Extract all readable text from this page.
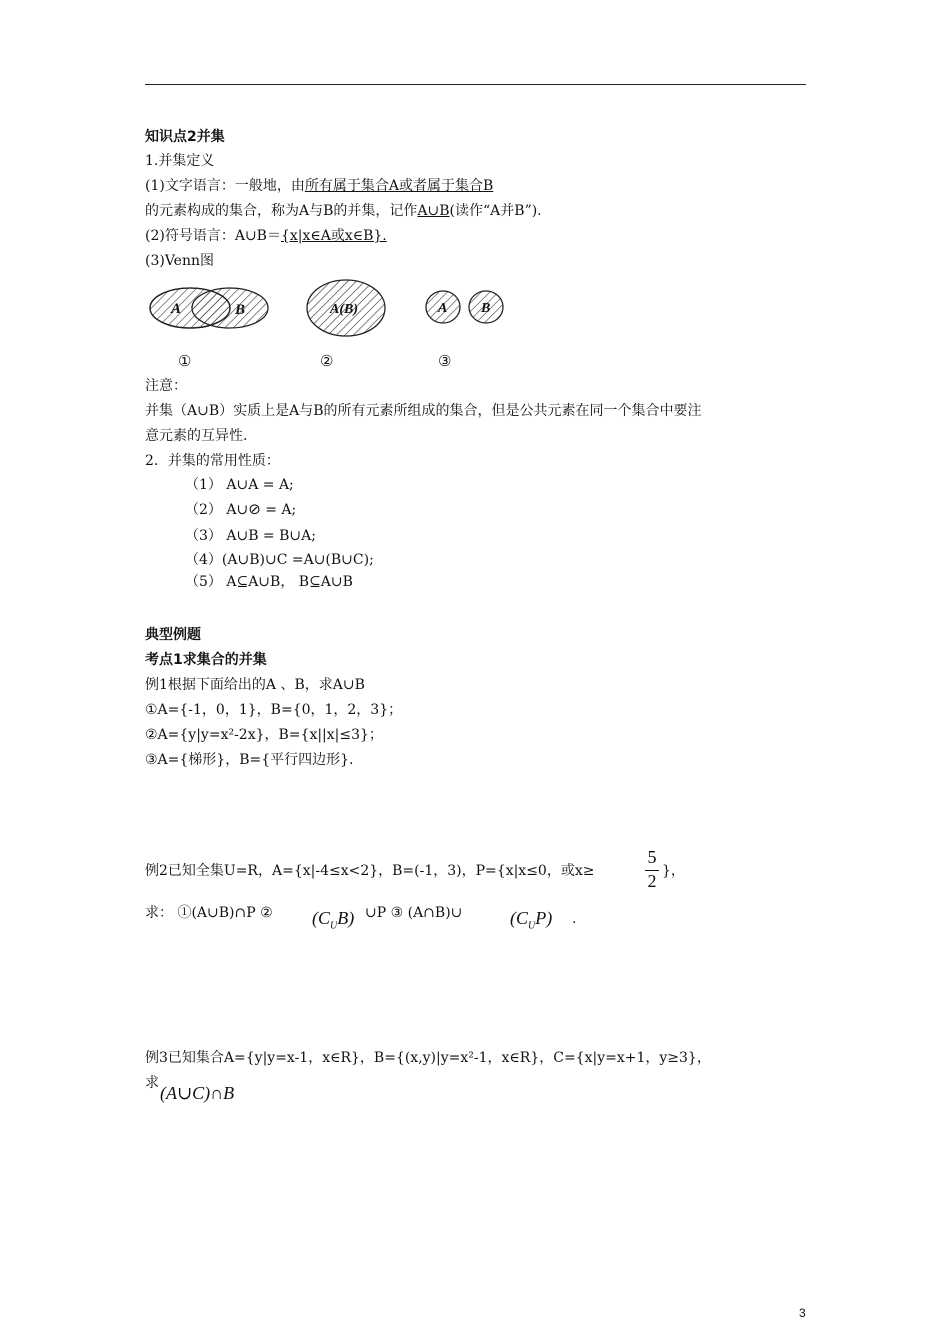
知识点2并集
1.并集定义
(1)文字语言：一般地，由所有属于集合A或者属于集合B
的元素构成的集合，称为A与B的并集，记作A∪B(读作“A并B”).
(2)符号语言：A∪B＝{x|x∈A或x∈B}.
(3)Venn图
A	B	A(B)	A B
①	②	③
注意：
并集（A∪B）实质上是A与B的所有元素所组成的集合，但是公共元素在同一个集合中要注
意元素的互异性.
2．并集的常用性质：
（1） A∪A = A;
（2） A∪⊘ = A;
（3） A∪B = B∪A;
（4）(A∪B)∪C =A∪(B∪C);
（5） A⊆A∪B， B⊆A∪B
典型例题
考点1求集合的并集
例1根据下面给出的A 、B，求A∪B
①A={-1，0，1}，B={0，1，2，3}；
②A={y|y=x²-2x}，B={x||x|≤3}；
③A={梯形}，B={平行四边形}.
例2已知全集U=R，A={x|-4≤x<2}，B=(-1，3)，P={x|x≤0，或x≥
5
2 }，
求： ①(A∪B)∩P ② $(C_UB)$ ∪P ③ (A∩B)∪	$(C_UP)$ .
例3已知集合A={y|y=x-1，x∈R}，B={(x,y)|y=x²-1，x∈R}，C={x|y=x+1，y≥3}，
求 (A∪C)∩B
3
